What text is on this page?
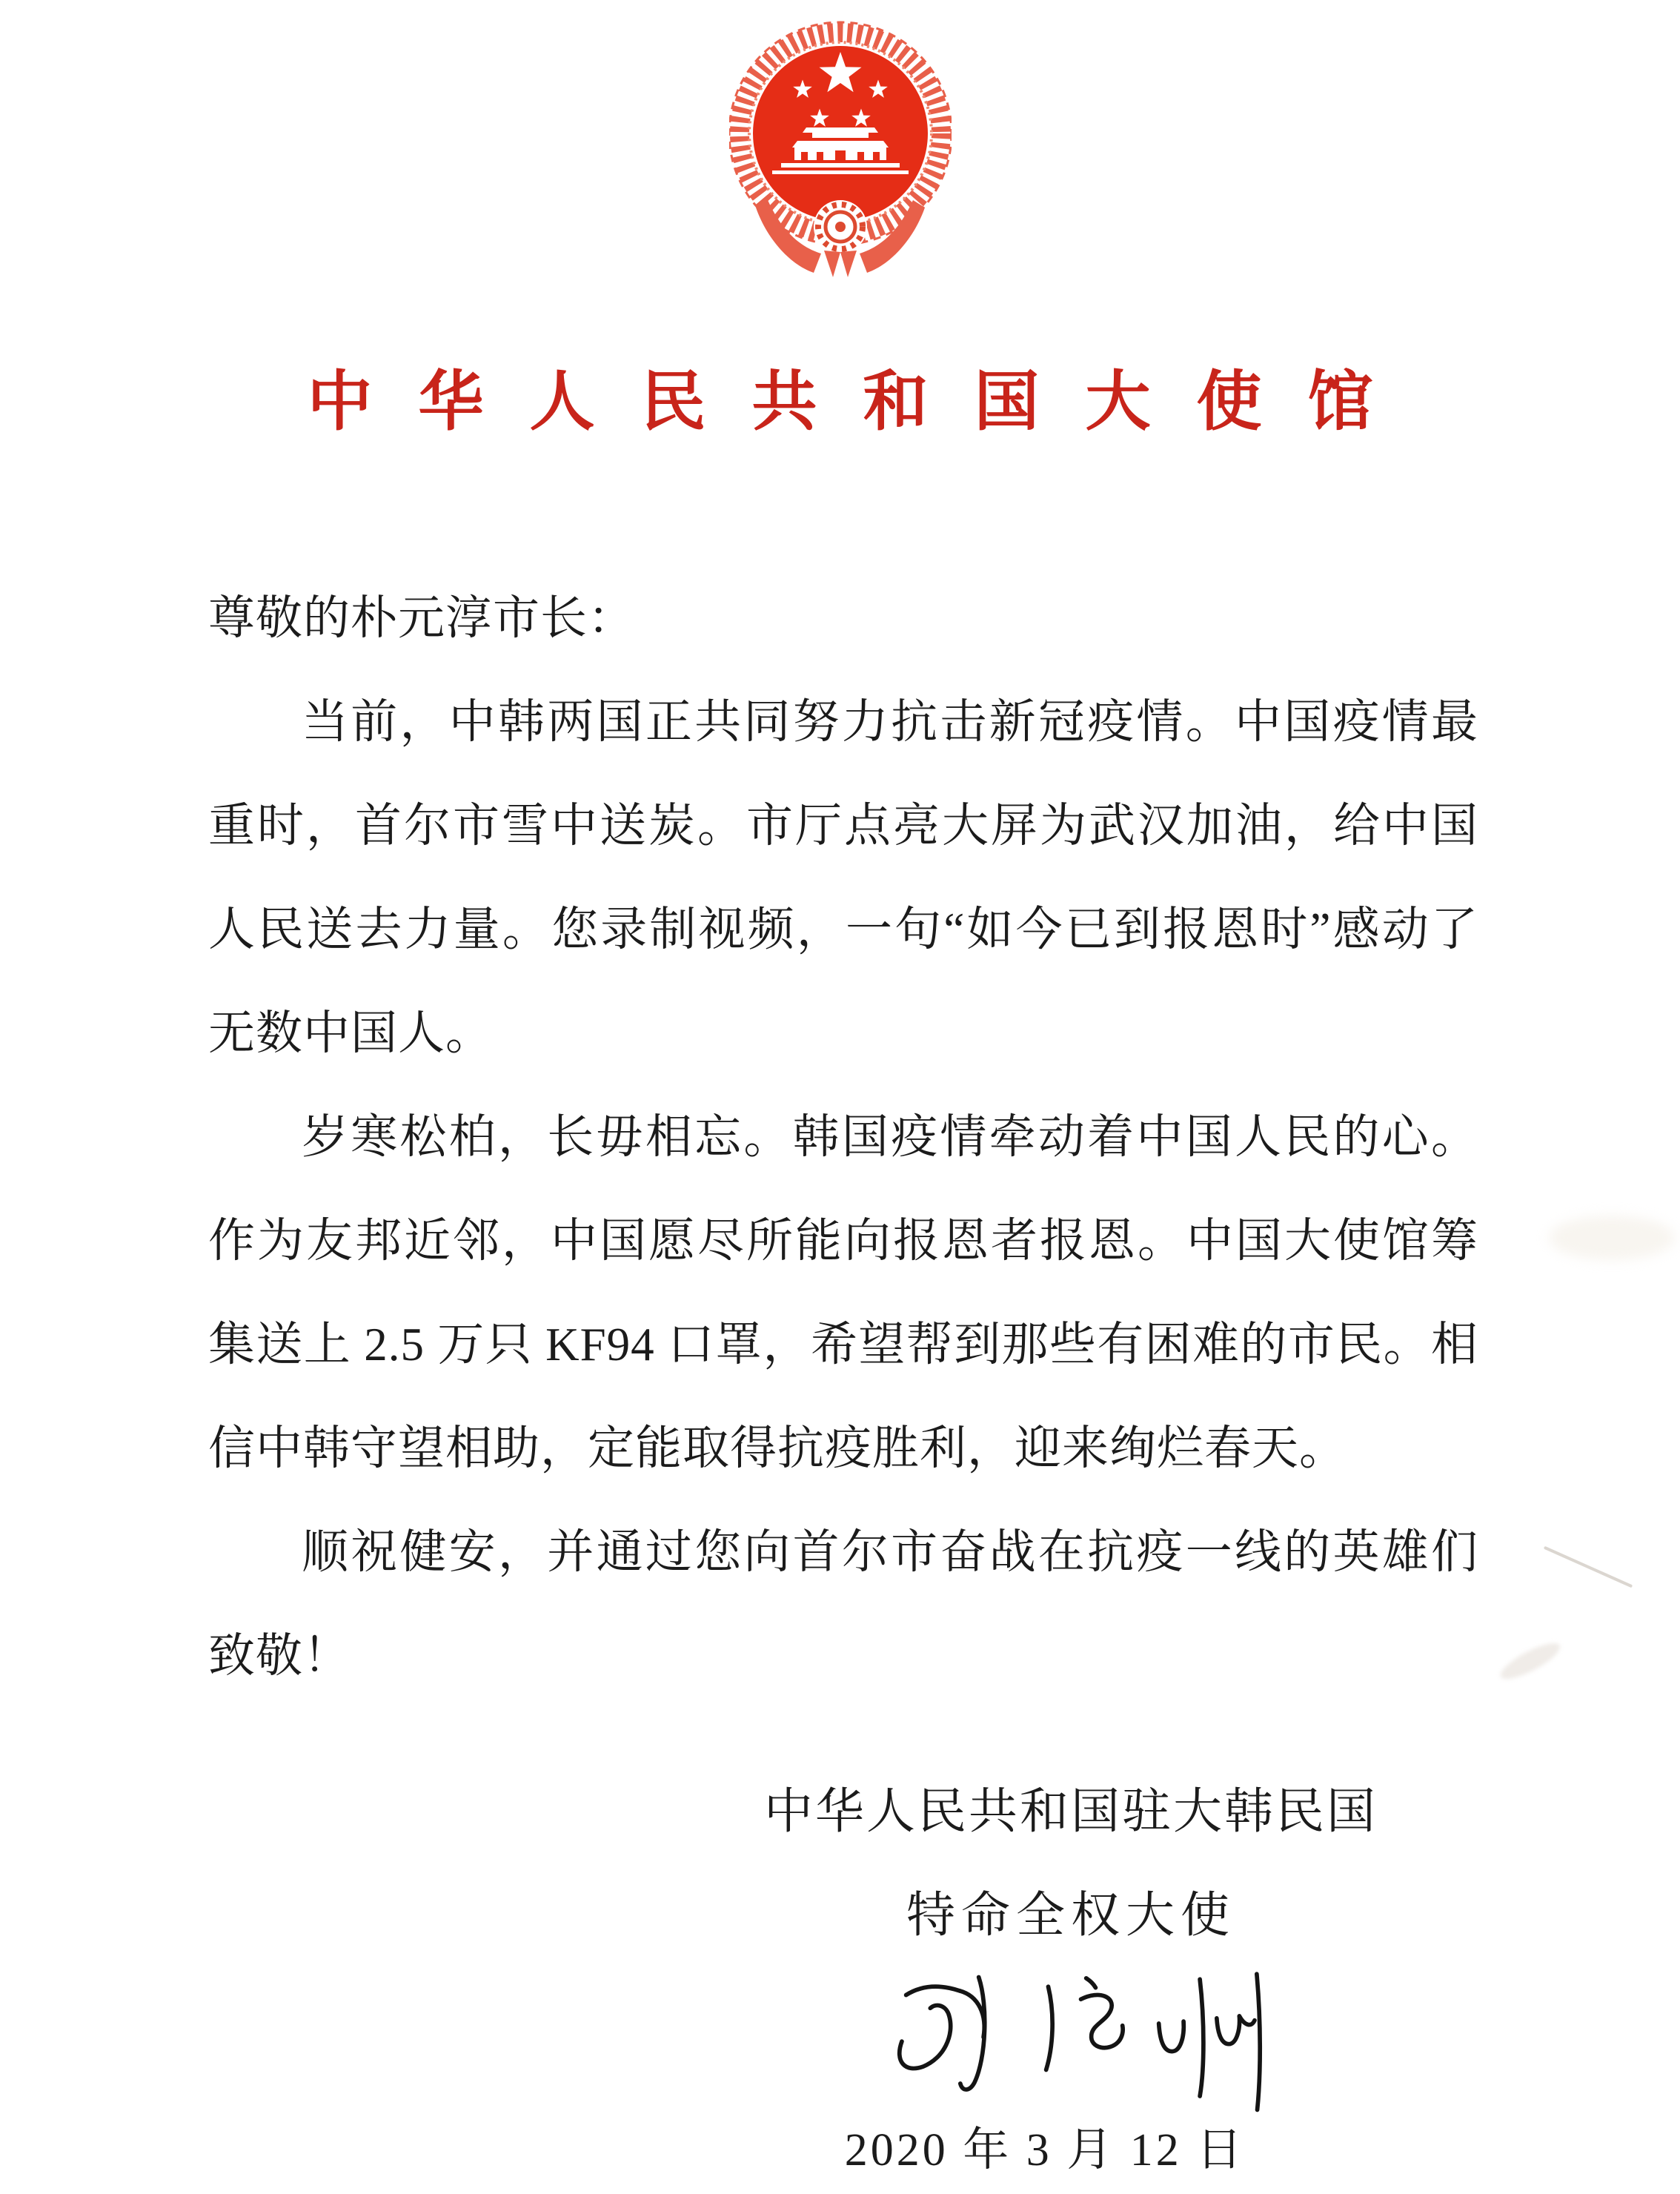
中华人民共和国大使馆

尊敬的朴元淳市长：

当前，中韩两国正共同努力抗击新冠疫情。中国疫情最重时，首尔市雪中送炭。市厅点亮大屏为武汉加油，给中国人民送去力量。您录制视频，一句“如今已到报恩时”感动了无数中国人。

岁寒松柏，长毋相忘。韩国疫情牵动着中国人民的心。作为友邦近邻，中国愿尽所能向报恩者报恩。中国大使馆筹集送上 2.5 万只 KF94 口罩，希望帮到那些有困难的市民。相信中韩守望相助，定能取得抗疫胜利，迎来绚烂春天。

顺祝健安，并通过您向首尔市奋战在抗疫一线的英雄们致敬！

中华人民共和国驻大韩民国
特命全权大使
2020 年 3 月 12 日
